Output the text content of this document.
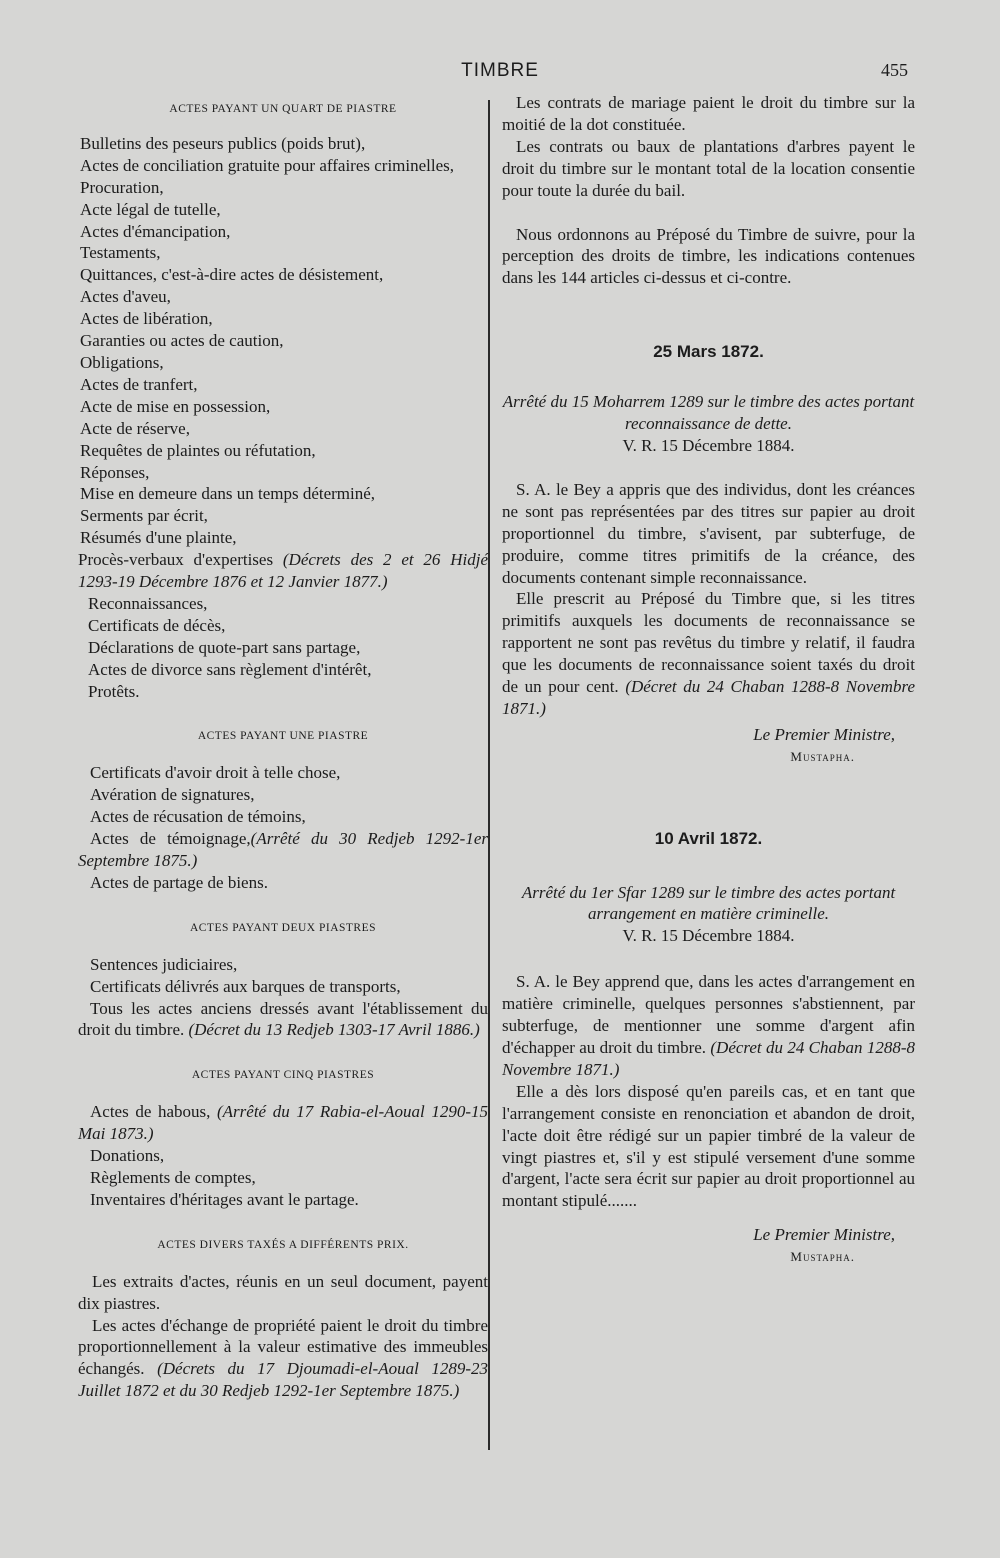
TIMBRE	455
ACTES PAYANT UN QUART DE PIASTRE

Bulletins des peseurs publics (poids brut),

Actes de conciliation gratuite pour affaires criminelles,

Procuration,

Acte légal de tutelle,

Actes d'émancipation,

Testaments,

Quittances, c'est-à-dire actes de désistement,

Actes d'aveu,

Actes de libération,

Garanties ou actes de caution,

Obligations,

Actes de tranfert,

Acte de mise en possession,

Acte de réserve,

Requêtes de plaintes ou réfutation,

Réponses,

Mise en demeure dans un temps déterminé,

Serments par écrit,

Résumés d'une plainte,

Procès-verbaux d'expertises (Décrets des 2 et 26 Hidjé 1293-19 Décembre 1876 et 12 Janvier 1877.)

Reconnaissances,

Certificats de décès,

Déclarations de quote-part sans partage,

Actes de divorce sans règlement d'intérêt,

Protêts.

ACTES PAYANT UNE PIASTRE

Certificats d'avoir droit à telle chose,

Avération de signatures,

Actes de récusation de témoins,

Actes de témoignage,(Arrêté du 30 Redjeb 1292-1er Septembre 1875.)

Actes de partage de biens.

ACTES PAYANT DEUX PIASTRES

Sentences judiciaires,

Certificats délivrés aux barques de transports,

Tous les actes anciens dressés avant l'établissement du droit du timbre. (Décret du 13 Redjeb 1303-17 Avril 1886.)

ACTES PAYANT CINQ PIASTRES

Actes de habous, (Arrêté du 17 Rabia-el-Aoual 1290-15 Mai 1873.)

Donations,

Règlements de comptes,

Inventaires d'héritages avant le partage.

ACTES DIVERS TAXÉS A DIFFÉRENTS PRIX.

Les extraits d'actes, réunis en un seul document, payent dix piastres.

Les actes d'échange de propriété paient le droit du timbre proportionnellement à la valeur estimative des immeubles échangés. (Décrets du 17 Djoumadi-el-Aoual 1289-23 Juillet 1872 et du 30 Redjeb 1292-1er Septembre 1875.)

Les contrats de mariage paient le droit du timbre sur la moitié de la dot constituée.

Les contrats ou baux de plantations d'arbres payent le droit du timbre sur le montant total de la location consentie pour toute la durée du bail.

Nous ordonnons au Préposé du Timbre de suivre, pour la perception des droits de timbre, les indications contenues dans les 144 articles ci-dessus et ci-contre.

25 Mars 1872.

Arrêté du 15 Moharrem 1289 sur le timbre des actes portant reconnaissance de dette.

V. R. 15 Décembre 1884.

S. A. le Bey a appris que des individus, dont les créances ne sont pas représentées par des titres sur papier au droit proportionnel du timbre, s'avisent, par subterfuge, de produire, comme titres primitifs de la créance, des documents contenant simple reconnaissance.

Elle prescrit au Préposé du Timbre que, si les titres primitifs auxquels les documents de reconnaissance se rapportent ne sont pas revêtus du timbre y relatif, il faudra que les documents de reconnaissance soient taxés du droit de un pour cent. (Décret du 24 Chaban 1288-8 Novembre 1871.)

Le Premier Ministre,
Mustapha.
10 Avril 1872.

Arrêté du 1er Sfar 1289 sur le timbre des actes portant arrangement en matière criminelle.

V. R. 15 Décembre 1884.

S. A. le Bey apprend que, dans les actes d'arrangement en matière criminelle, quelques personnes s'abstiennent, par subterfuge, de mentionner une somme d'argent afin d'échapper au droit du timbre. (Décret du 24 Chaban 1288-8 Novembre 1871.)

Elle a dès lors disposé qu'en pareils cas, et en tant que l'arrangement consiste en renonciation et abandon de droit, l'acte doit être rédigé sur un papier timbré de la valeur de vingt piastres et, s'il y est stipulé versement d'une somme d'argent, l'acte sera écrit sur papier au droit proportionnel au montant stipulé.......

Le Premier Ministre,
Mustapha.
